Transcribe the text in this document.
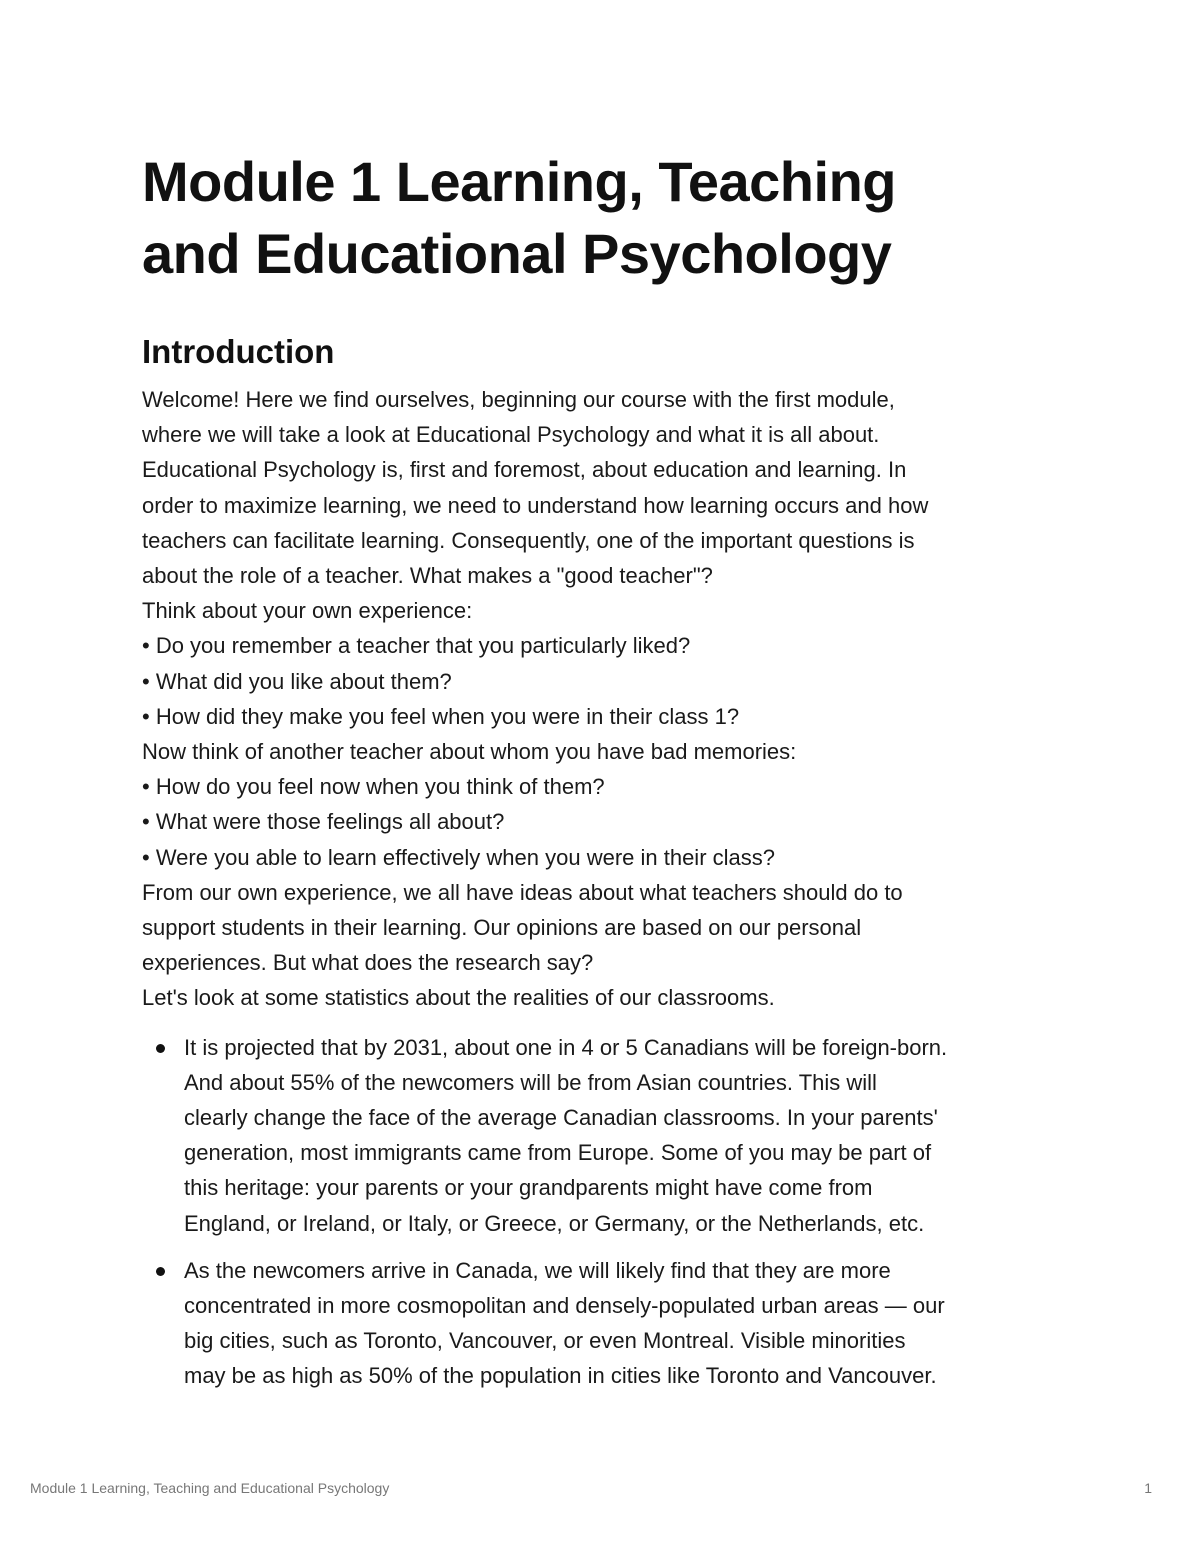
Module 1 Learning, Teaching
and Educational Psychology
Introduction

Welcome! Here we find ourselves, beginning our course with the first module,

where we will take a look at Educational Psychology and what it is all about.

Educational Psychology is, first and foremost, about education and learning. In

order to maximize learning, we need to understand how learning occurs and how

teachers can facilitate learning. Consequently, one of the important questions is

about the role of a teacher. What makes a "good teacher"?

Think about your own experience:

• Do you remember a teacher that you particularly liked?

• What did you like about them?

• How did they make you feel when you were in their class 1?

Now think of another teacher about whom you have bad memories:

• How do you feel now when you think of them?

• What were those feelings all about?

• Were you able to learn effectively when you were in their class?

From our own experience, we all have ideas about what teachers should do to

support students in their learning. Our opinions are based on our personal

experiences. But what does the research say?

Let's look at some statistics about the realities of our classrooms.

It is projected that by 2031, about one in 4 or 5 Canadians will be foreign-born.
And about 55% of the newcomers will be from Asian countries. This will
clearly change the face of the average Canadian classrooms. In your parents'
generation, most immigrants came from Europe. Some of you may be part of
this heritage: your parents or your grandparents might have come from
England, or Ireland, or Italy, or Greece, or Germany, or the Netherlands, etc.
As the newcomers arrive in Canada, we will likely find that they are more
concentrated in more cosmopolitan and densely-populated urban areas — our
big cities, such as Toronto, Vancouver, or even Montreal. Visible minorities
may be as high as 50% of the population in cities like Toronto and Vancouver.
Module 1 Learning, Teaching and Educational Psychology	1
